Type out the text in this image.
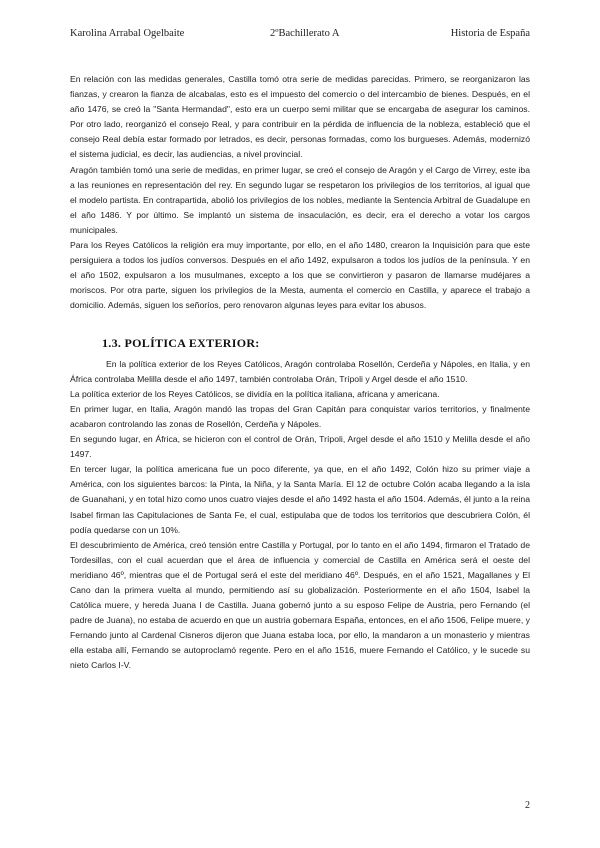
Karolina Arrabal Ogelbaite	2ºBachillerato A	Historia de España

En relación con las medidas generales, Castilla tomó otra serie de medidas parecidas. Primero, se reorganizaron las fianzas, y crearon la fianza de alcabalas, esto es el impuesto del comercio o del intercambio de bienes. Después, en el año 1476, se creó la "Santa Hermandad", esto era un cuerpo semi militar que se encargaba de asegurar los caminos. Por otro lado, reorganizó el consejo Real, y para contribuir en la pérdida de influencia de la nobleza, estableció que el consejo Real debía estar formado por letrados, es decir, personas formadas, como los burgueses. Además, modernizó el sistema judicial, es decir, las audiencias, a nivel provincial.

Aragón también tomó una serie de medidas, en primer lugar, se creó el consejo de Aragón y el Cargo de Virrey, este iba a las reuniones en representación del rey. En segundo lugar se respetaron los privilegios de los territorios, al igual que el modelo partista. En contrapartida, abolió los privilegios de los nobles, mediante la Sentencia Arbitral de Guadalupe en el año 1486. Y por último. Se implantó un sistema de insaculación, es decir, era el derecho a votar los cargos municipales.

Para los Reyes Católicos la religión era muy importante, por ello, en el año 1480, crearon la Inquisición para que este persiguiera a todos los judíos conversos. Después en el año 1492, expulsaron a todos los judíos de la península. Y en el año 1502, expulsaron a los musulmanes, excepto a los que se convirtieron y pasaron de llamarse mudéjares a moriscos. Por otra parte, siguen los privilegios de la Mesta, aumenta el comercio en Castilla, y aparece el trabajo a domicilio. Además, siguen los señoríos, pero renovaron algunas leyes para evitar los abusos.

1.3. POLÍTICA EXTERIOR:

En la política exterior de los Reyes Católicos, Aragón controlaba Rosellón, Cerdeña y Nápoles, en Italia, y en África controlaba Melilla desde el año 1497, también controlaba Orán, Trípoli y Argel desde el año 1510.

La política exterior de los Reyes Católicos, se dividía en la política italiana, africana y americana.

En primer lugar, en Italia, Aragón mandó las tropas del Gran Capitán para conquistar varios territorios, y finalmente acabaron controlando las zonas de Rosellón, Cerdeña y Nápoles.

En segundo lugar, en África, se hicieron con el control de Orán, Trípoli, Argel desde el año 1510 y Melilla desde el año 1497.

En tercer lugar, la política americana fue un poco diferente, ya que, en el año 1492, Colón hizo su primer viaje a América, con los siguientes barcos: la Pinta, la Niña, y la Santa María. El 12 de octubre Colón acaba llegando a la isla de Guanahani, y en total hizo como unos cuatro viajes desde el año 1492 hasta el año 1504. Además, él junto a la reina Isabel firman las Capitulaciones de Santa Fe, el cual, estipulaba que de todos los territorios que descubriera Colón, él podía quedarse con un 10%.

El descubrimiento de América, creó tensión entre Castilla y Portugal, por lo tanto en el año 1494, firmaron el Tratado de Tordesillas, con el cual acuerdan que el área de influencia y comercial de Castilla en América será el oeste del meridiano 46º, mientras que el de Portugal será el este del meridiano 46º. Después, en el año 1521, Magallanes y El Cano dan la primera vuelta al mundo, permitiendo así su globalización. Posteriormente en el año 1504, Isabel la Católica muere, y hereda Juana I de Castilla. Juana gobernó junto a su esposo Felipe de Austria, pero Fernando (el padre de Juana), no estaba de acuerdo en que un austria gobernara España, entonces, en el año 1506, Felipe muere, y Fernando junto al Cardenal Cisneros dijeron que Juana estaba loca, por ello, la mandaron a un monasterio y mientras ella estaba allí, Fernando se autoproclamó regente. Pero en el año 1516, muere Fernando el Católico, y le sucede su nieto Carlos I-V.

2
